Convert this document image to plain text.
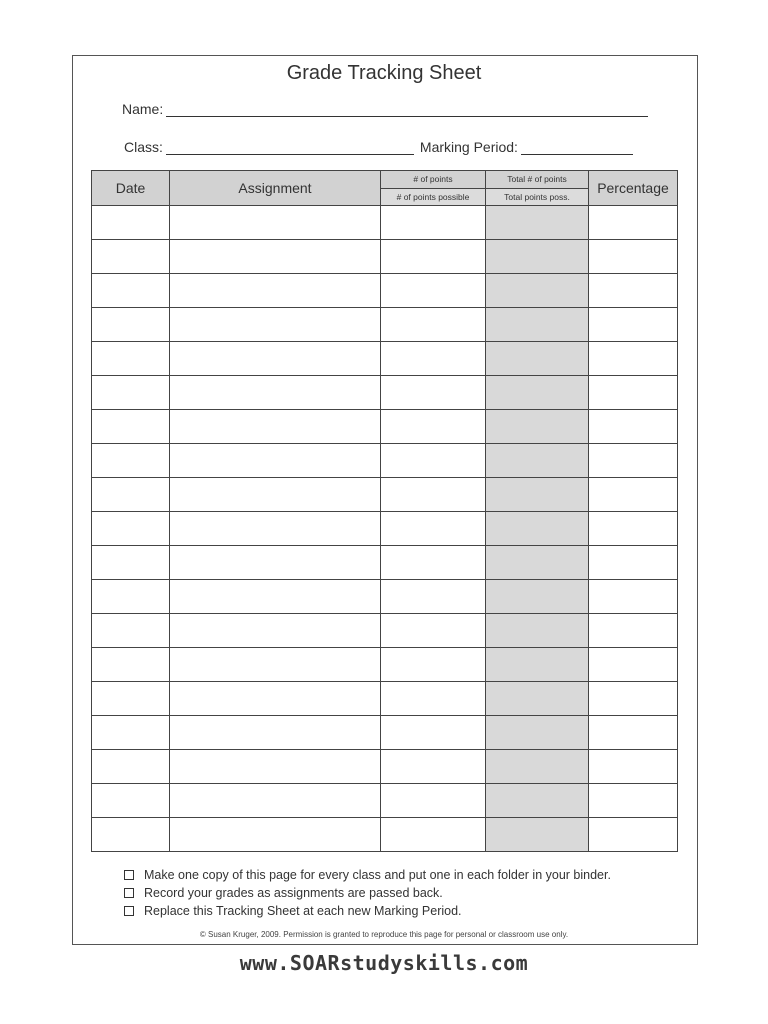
Grade Tracking Sheet
Name:
Class:	Marking Period:
Date	Assignment	# of points	Total # of points	Percentage
		# of points possible	Total points poss.	

Make one copy of this page for every class and put one in each folder in your binder.
Record your grades as assignments are passed back.
Replace this Tracking Sheet at each new Marking Period.
© Susan Kruger, 2009. Permission is granted to reproduce this page for personal or classroom use only.
www.SOARstudyskills.com
